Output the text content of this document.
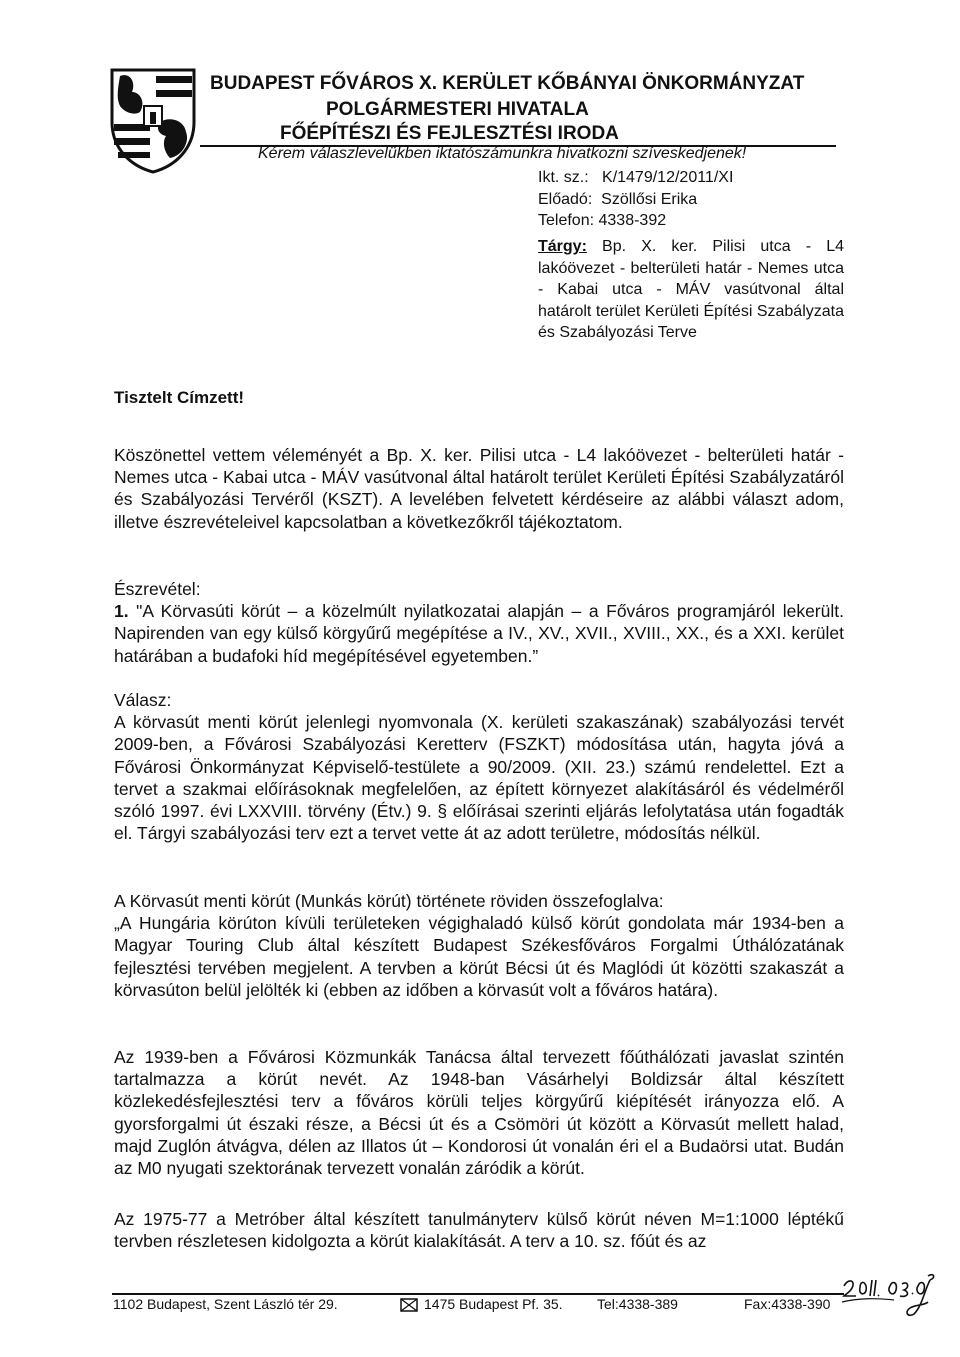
BUDAPEST FŐVÁROS X. KERÜLET KŐBÁNYAI ÖNKORMÁNYZAT
POLGÁRMESTERI HIVATALA
FŐÉPÍTÉSZI ÉS FEJLESZTÉSI IRODA
Kérem válaszlevelükben iktatószámunkra hivatkozni szíveskedjenek!
Ikt. sz.: K/1479/12/2011/XI
Előadó: Szöllősi Erika
Telefon: 4338-392
Tárgy: Bp. X. ker. Pilisi utca - L4 lakóövezet - belterületi határ - Nemes utca - Kabai utca - MÁV vasútvonal által határolt terület Kerületi Építési Szabályzata és Szabályozási Terve
Tisztelt Címzett!

Köszönettel vettem véleményét a Bp. X. ker. Pilisi utca - L4 lakóövezet - belterületi határ - Nemes utca - Kabai utca - MÁV vasútvonal által határolt terület Kerületi Építési Szabályzatáról és Szabályozási Tervéről (KSZT). A levelében felvetett kérdéseire az alábbi választ adom, illetve észrevételeivel kapcsolatban a következőkről tájékoztatom.

Észrevétel:

1. "A Körvasúti körút – a közelmúlt nyilatkozatai alapján – a Főváros programjáról lekerült. Napirenden van egy külső körgyűrű megépítése a IV., XV., XVII., XVIII., XX., és a XXI. kerület határában a budafoki híd megépítésével egyetemben.”

Válasz:

A körvasút menti körút jelenlegi nyomvonala (X. kerületi szakaszának) szabályozási tervét 2009-ben, a Fővárosi Szabályozási Keretterv (FSZKT) módosítása után, hagyta jóvá a Fővárosi Önkormányzat Képviselő-testülete a 90/2009. (XII. 23.) számú rendelettel. Ezt a tervet a szakmai előírásoknak megfelelően, az épített környezet alakításáról és védelméről szóló 1997. évi LXXVIII. törvény (Étv.) 9. § előírásai szerinti eljárás lefolytatása után fogadták el. Tárgyi szabályozási terv ezt a tervet vette át az adott területre, módosítás nélkül.

A Körvasút menti körút (Munkás körút) története röviden összefoglalva:

„A Hungária körúton kívüli területeken végighaladó külső körút gondolata már 1934-ben a Magyar Touring Club által készített Budapest Székesfőváros Forgalmi Úthálózatának fejlesztési tervében megjelent. A tervben a körút Bécsi út és Maglódi út közötti szakaszát a körvasúton belül jelölték ki (ebben az időben a körvasút volt a főváros határa).

Az 1939-ben a Fővárosi Közmunkák Tanácsa által tervezett főúthálózati javaslat szintén tartalmazza a körút nevét. Az 1948-ban Vásárhelyi Boldizsár által készített közlekedésfejlesztési terv a főváros körüli teljes körgyűrű kiépítését irányozza elő. A gyorsforgalmi út északi része, a Bécsi út és a Csömöri út között a Körvasút mellett halad, majd Zuglón átvágva, délen az Illatos út – Kondorosi út vonalán éri el a Budaörsi utat. Budán az M0 nyugati szektorának tervezett vonalán záródik a körút.

Az 1975-77 a Metróber által készített tanulmányterv külső körút néven M=1:1000 léptékű tervben részletesen kidolgozta a körút kialakítását. A terv a 10. sz. főút és az

1102 Budapest, Szent László tér 29.	1475 Budapest Pf. 35. Tel:4338-389	Fax:4338-390
